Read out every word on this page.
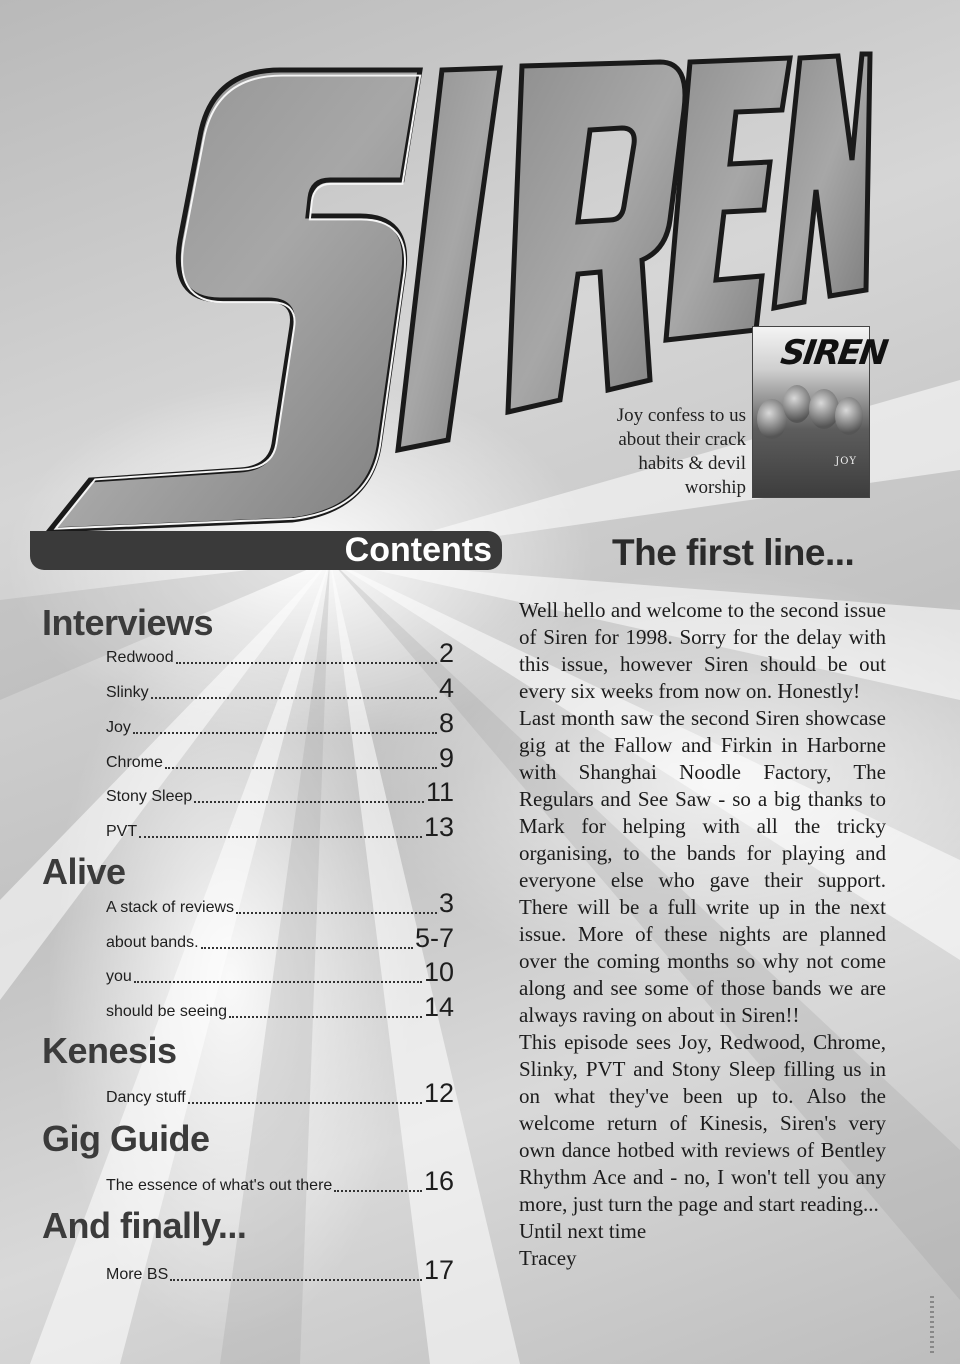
SIREN
SIREN
JOY
Joy confess to us about their crack habits & devil worship
Contents	The first line...
Interviews
Redwood	2
Slinky	4
Joy	8
Chrome	9
Stony Sleep	11
PVT	13
Alive
A stack of reviews	3
about bands.	5-7
you	10
should be seeing	14
Kenesis
Dancy stuff	12
Gig Guide
The essence of what's out there	16
And finally...
More BS	17

Well hello and welcome to the second issue of Siren for 1998. Sorry for the delay with this issue, however Siren should be out every six weeks from now on. Honestly!

Last month saw the second Siren showcase gig at the Fallow and Firkin in Harborne with Shanghai Noodle Factory, The Regulars and See Saw - so a big thanks to Mark for helping with all the tricky organising, to the bands for playing and everyone else who gave their support. There will be a full write up in the next issue. More of these nights are planned over the coming months so why not come along and see some of those bands we are always raving on about in Siren!!

This episode sees Joy, Redwood, Chrome, Slinky, PVT and Stony Sleep filling us in on what they've been up to. Also the welcome return of Kinesis, Siren's very own dance hotbed with reviews of Bentley Rhythm Ace and - no, I won't tell you any more, just turn the page and start reading...

Until next time

Tracey
